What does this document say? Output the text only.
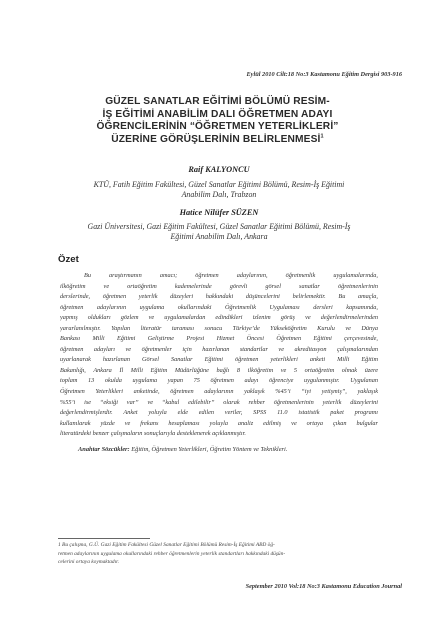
Eylül 2010 Cilt:18 No:3 Kastamonu Eğitim Dergisi 903-916
GÜZEL SANATLAR EĞİTİMİ BÖLÜMÜ RESİM-
İŞ EĞİTİMİ ANABİLİM DALI ÖĞRETMEN ADAYI
ÖĞRENCİLERİNİN “ÖĞRETMEN YETERLİKLERİ”
ÜZERİNE GÖRÜŞLERİNİN BELİRLENMESİ$^1$
Raif KALYONCU
KTÜ, Fatih Eğitim Fakültesi, Güzel Sanatlar Eğitimi Bölümü, Resim-İş Eğitimi
Anabilim Dalı, Trabzon
Hatice Nilüfer SÜZEN
Gazi Üniversitesi, Gazi Eğitim Fakültesi, Güzel Sanatlar Eğitimi Bölümü, Resim-İş
Eğitimi Anabilim Dalı, Ankara
Özet
Bu araştırmanın amacı; öğretmen adaylarının, öğretmenlik uygulamalarında,
ilköğretim ve ortaöğretim kademelerinde görevli görsel sanatlar öğretmenlerinin
derslerinde, öğretmen yeterlik düzeyleri hakkındaki düşüncelerini belirlemektir. Bu amaçla,
öğretmen adaylarının uygulama okullarındaki Öğretmenlik Uygulaması dersleri kapsamında,
yapmış oldukları gözlem ve uygulamalardan edindikleri izlenim görüş ve değerlendirmelerinden
yararlanılmıştır. Yapılan literatür taraması sonucu Türkiye’de Yükseköğretim Kurulu ve Dünya
Bankası Milli Eğitimi Geliştirme Projesi Hizmet Öncesi Öğretmen Eğitimi çerçevesinde,
öğretmen adayları ve öğretmenler için hazırlanan standartlar ve akreditasyon çalışmalarından
uyarlanarak hazırlanan Görsel Sanatlar Eğitimi öğretmen yeterlikleri anketi Milli Eğitim
Bakanlığı, Ankara İl Milli Eğitim Müdürlüğüne bağlı 8 ilköğretim ve 5 ortaöğretim olmak üzere
toplam 13 okulda uygulama yapan 75 öğretmen adayı öğrenciye uygulanmıştır. Uygulanan
Öğretmen Yeterlikleri anketinde, öğretmen adaylarının yaklaşık %45’i “iyi yetişmiş”, yaklaşık
%55’i ise “eksiği var” ve “kabul edilebilir” olarak rehber öğretmenlerinin yeterlik düzeylerini
değerlendirmişlerdir. Anket yoluyla elde edilen veriler, SPSS 11.0 istatistik paket programı
kullanılarak yüzde ve frekans hesaplaması yoluyla analiz edilmiş ve ortaya çıkan bulgular
literatürdeki benzer çalışmaların sonuçlarıyla desteklenerek açıklanmıştır.
Anahtar Sözcükler: Eğitim, Öğretmen Yeterlikleri, Öğretim Yöntem ve Teknikleri.
1 Bu çalışma, G.Ü. Gazi Eğitim Fakültesi Güzel Sanatlar Eğitimi Bölümü Resim-İş Eğitimi ABD öğ-
retmen adaylarının uygulama okullarındaki rehber öğretmenlerin yeterlik standartları hakkındaki düşün-
celerini ortaya koymaktadır.
September 2010 Vol:18 No:3 Kastamonu Education Journal
